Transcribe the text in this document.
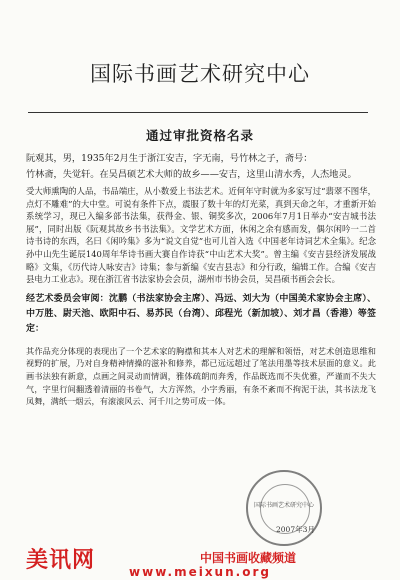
国际书画艺术研究中心
通过审批资格名录

阮观其，男，1935年2月生于浙江安吉，字无南，号竹林之子，斋号：

竹林斋，失觉轩。在吴昌硕艺术大师的故乡——安吉，这里山清水秀，人杰地灵。

受大师熏陶的人品，书品端庄，从小数爱上书法艺术。近何年守时就为多家写过“翡翠不图华，点灯不雕难”的大中堂。可说有条件下点，震服了数十年的灯光菜，真到天命之年，才重新开始系统学习，现已入编多部书法集，获得金、银、铜奖多次，2006年7月1日举办“安吉城书法展”，同时出版《阮观其故乡书书法集》。文学艺术方面，休闲之余有感而发，偶尔闲吟一二首诗书诗的东西，名曰《闲吟集》多为“说文自觉”也可儿首入选《中国老年诗词艺术全集》。纪念孙中山先生诞辰140周年华诗书画大赛自作诗获“中山艺术大奖”。曾主编《安吉县经济发展战略》文集，《历代诗人咏安吉》诗集；参与新编《安吉县志》和分行政，编辑工作。合编《安吉县电力工业志》。现在浙江省书法家协会会员，湖州市书协会员，吴昌硕书画会会长。

经艺术委员会审阅：沈鹏（书法家协会主席）、冯远、刘大为（中国美术家协会主席）、中万胜、尉天池、欧阳中石、易苏民（台湾）、邱程光（新加坡）、刘才昌（香港）等签定：

其作品充分体现的表现出了一个艺术家的胸襟和其本人对艺术的理解和领悟，对艺术创造思维和视野的扩展，乃对自身精神情操的滋补和修养，都已远远超过了笔法用墨等技术层面的意义。此画书法独有新意，点画之间灵动而情调，雅体疏朗而奔秀，作品既选而不失优雅，严谨而不失大气，字里行间翻透着清丽的书卷气，大方浑然，小字秀丽，有条不紊而不拘泥于法，其书法龙飞凤舞，满纸一烟云，有滚滚风云、河千川之势可成一体。

国际书画艺术研究中心
2007年3月
美讯网	中国书画收藏频道
www.meixun.org
